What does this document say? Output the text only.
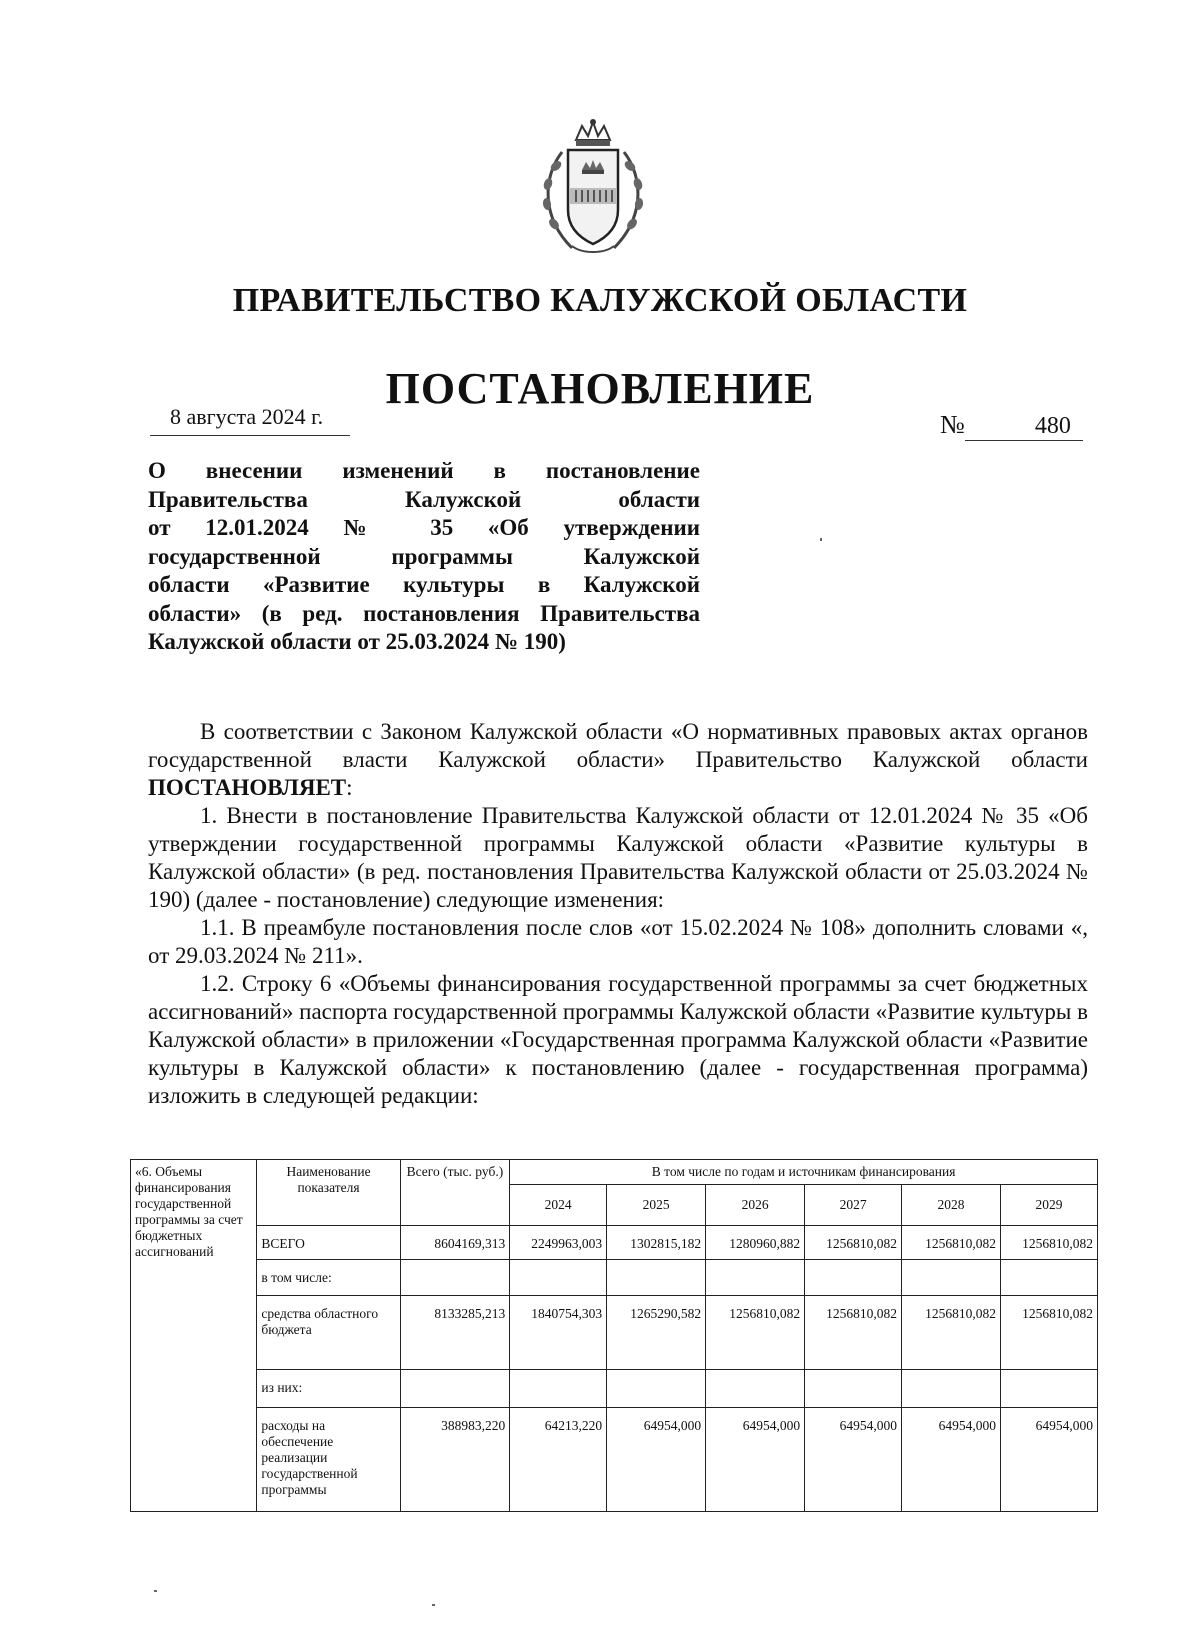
ПРАВИТЕЛЬСТВО КАЛУЖСКОЙ ОБЛАСТИ
ПОСТАНОВЛЕНИЕ
8 августа 2024 г.	№	480
О внесении изменений в постановление
Правительства Калужской области
от 12.01.2024 № 35 «Об утверждении
государственной программы Калужской
области «Развитие культуры в Калужской
области» (в ред. постановления Правительства
Калужской области от 25.03.2024 № 190)

В соответствии с Законом Калужской области «О нормативных правовых актах органов государственной власти Калужской области» Правительство Калужской области ПОСТАНОВЛЯЕТ:

1. Внести в постановление Правительства Калужской области от 12.01.2024 № 35 «Об утверждении государственной программы Калужской области «Развитие культуры в Калужской области» (в ред. постановления Правительства Калужской области от 25.03.2024 № 190) (далее - постановление) следующие изменения:

1.1. В преамбуле постановления после слов «от 15.02.2024 № 108» дополнить словами «, от 29.03.2024 № 211».

1.2. Строку 6 «Объемы финансирования государственной программы за счет бюджетных ассигнований» паспорта государственной программы Калужской области «Развитие культуры в Калужской области» в приложении «Государственная программа Калужской области «Развитие культуры в Калужской области» к постановлению (далее - государственная программа) изложить в следующей редакции:

«6. Объемы финансирования государственной программы за счет бюджетных ассигнований	Наименование показателя	Всего (тыс. руб.)	В том числе по годам и источникам финансирования					
			2024	2025	2026	2027	2028	2029
	ВСЕГО	8604169,313	2249963,003	1302815,182	1280960,882	1256810,082	1256810,082	1256810,082
	в том числе:							
	средства областного бюджета	8133285,213	1840754,303	1265290,582	1256810,082	1256810,082	1256810,082	1256810,082
	из них:							
	расходы на обеспечение реализации государственной программы	388983,220	64213,220	64954,000	64954,000	64954,000	64954,000	64954,000
